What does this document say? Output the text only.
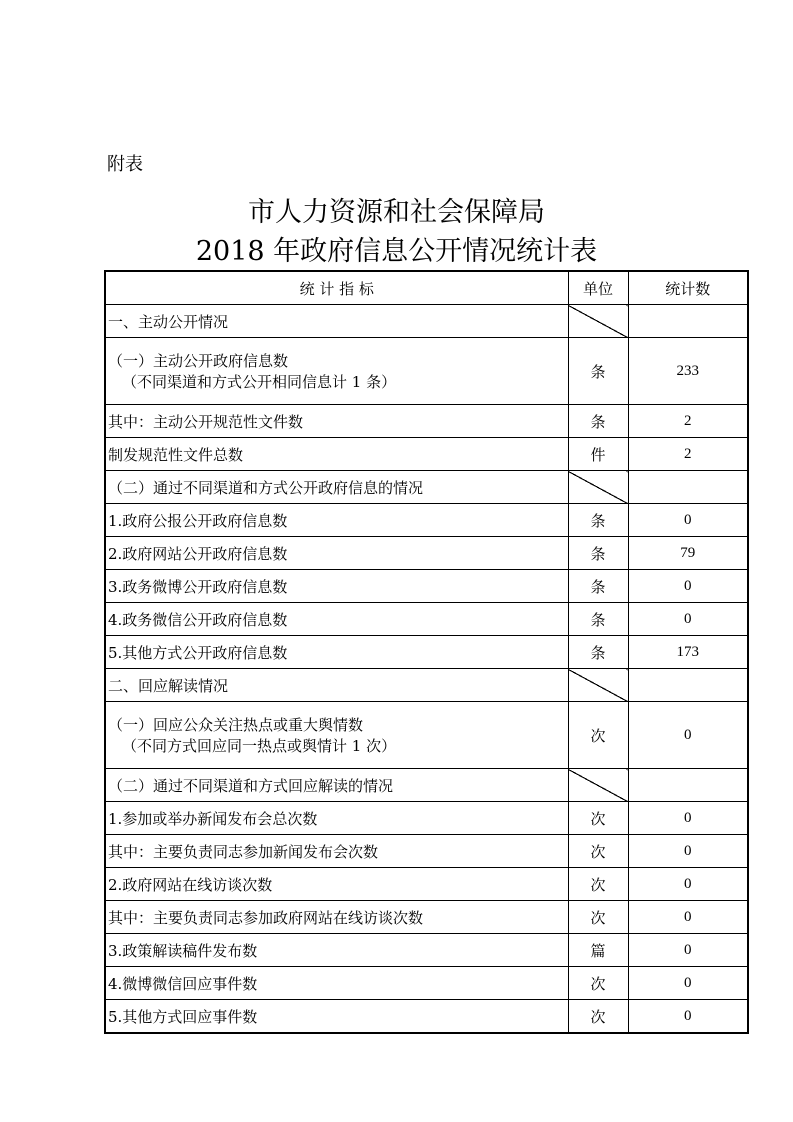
附表
市人力资源和社会保障局
2018 年政府信息公开情况统计表
统 计 指 标	单位	统计数
一、主动公开情况		
（一）主动公开政府信息数
（不同渠道和方式公开相同信息计 1 条）	条	233
其中：主动公开规范性文件数	条	2
制发规范性文件总数	件	2
（二）通过不同渠道和方式公开政府信息的情况		
1.政府公报公开政府信息数	条	0
2.政府网站公开政府信息数	条	79
3.政务微博公开政府信息数	条	0
4.政务微信公开政府信息数	条	0
5.其他方式公开政府信息数	条	173
二、回应解读情况		
（一）回应公众关注热点或重大舆情数
（不同方式回应同一热点或舆情计 1 次）	次	0
（二）通过不同渠道和方式回应解读的情况		
1.参加或举办新闻发布会总次数	次	0
其中：主要负责同志参加新闻发布会次数	次	0
2.政府网站在线访谈次数	次	0
其中：主要负责同志参加政府网站在线访谈次数	次	0
3.政策解读稿件发布数	篇	0
4.微博微信回应事件数	次	0
5.其他方式回应事件数	次	0
